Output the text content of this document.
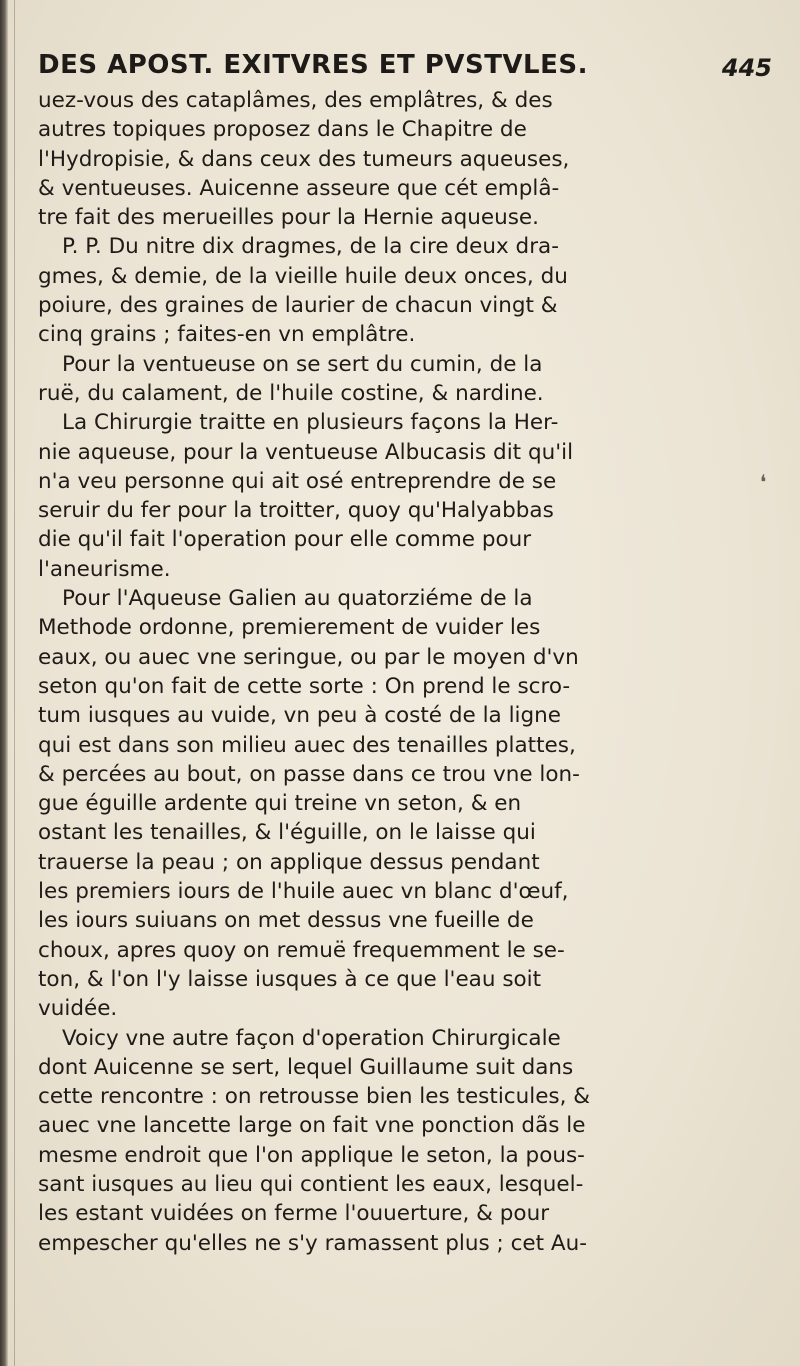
DES APOST. EXITVRES ET PVSTVLES.	445
uez-vous des cataplâmes, des emplâtres, & des
autres topiques proposez dans le Chapitre de
l'Hydropisie, & dans ceux des tumeurs aqueuses,
& ventueuses. Auicenne asseure que cét emplâ-
tre fait des merueilles pour la Hernie aqueuse.
P. P. Du nitre dix dragmes, de la cire deux dra-
gmes, & demie, de la vieille huile deux onces, du
poiure, des graines de laurier de chacun vingt &
cinq grains ; faites-en vn emplâtre.
Pour la ventueuse on se sert du cumin, de la
ruë, du calament, de l'huile costine, & nardine.
La Chirurgie traitte en plusieurs façons la Her-
nie aqueuse, pour la ventueuse Albucasis dit qu'il
n'a veu personne qui ait osé entreprendre de se
seruir du fer pour la troitter, quoy qu'Halyabbas
die qu'il fait l'operation pour elle comme pour
l'aneurisme.
Pour l'Aqueuse Galien au quatorziéme de la
Methode ordonne, premierement de vuider les
eaux, ou auec vne seringue, ou par le moyen d'vn
seton qu'on fait de cette sorte : On prend le scro-
tum iusques au vuide, vn peu à costé de la ligne
qui est dans son milieu auec des tenailles plattes,
& percées au bout, on passe dans ce trou vne lon-
gue éguille ardente qui treine vn seton, & en
ostant les tenailles, & l'éguille, on le laisse qui
trauerse la peau ; on applique dessus pendant
les premiers iours de l'huile auec vn blanc d'œuf,
les iours suiuans on met dessus vne fueille de
choux, apres quoy on remuë frequemment le se-
ton, & l'on l'y laisse iusques à ce que l'eau soit
vuidée.
Voicy vne autre façon d'operation Chirurgicale
dont Auicenne se sert, lequel Guillaume suit dans
cette rencontre : on retrousse bien les testicules, &
auec vne lancette large on fait vne ponction dãs le
mesme endroit que l'on applique le seton, la pous-
sant iusques au lieu qui contient les eaux, lesquel-
les estant vuidées on ferme l'ouuerture, & pour
empescher qu'elles ne s'y ramassent plus ; cet Au-
❛
